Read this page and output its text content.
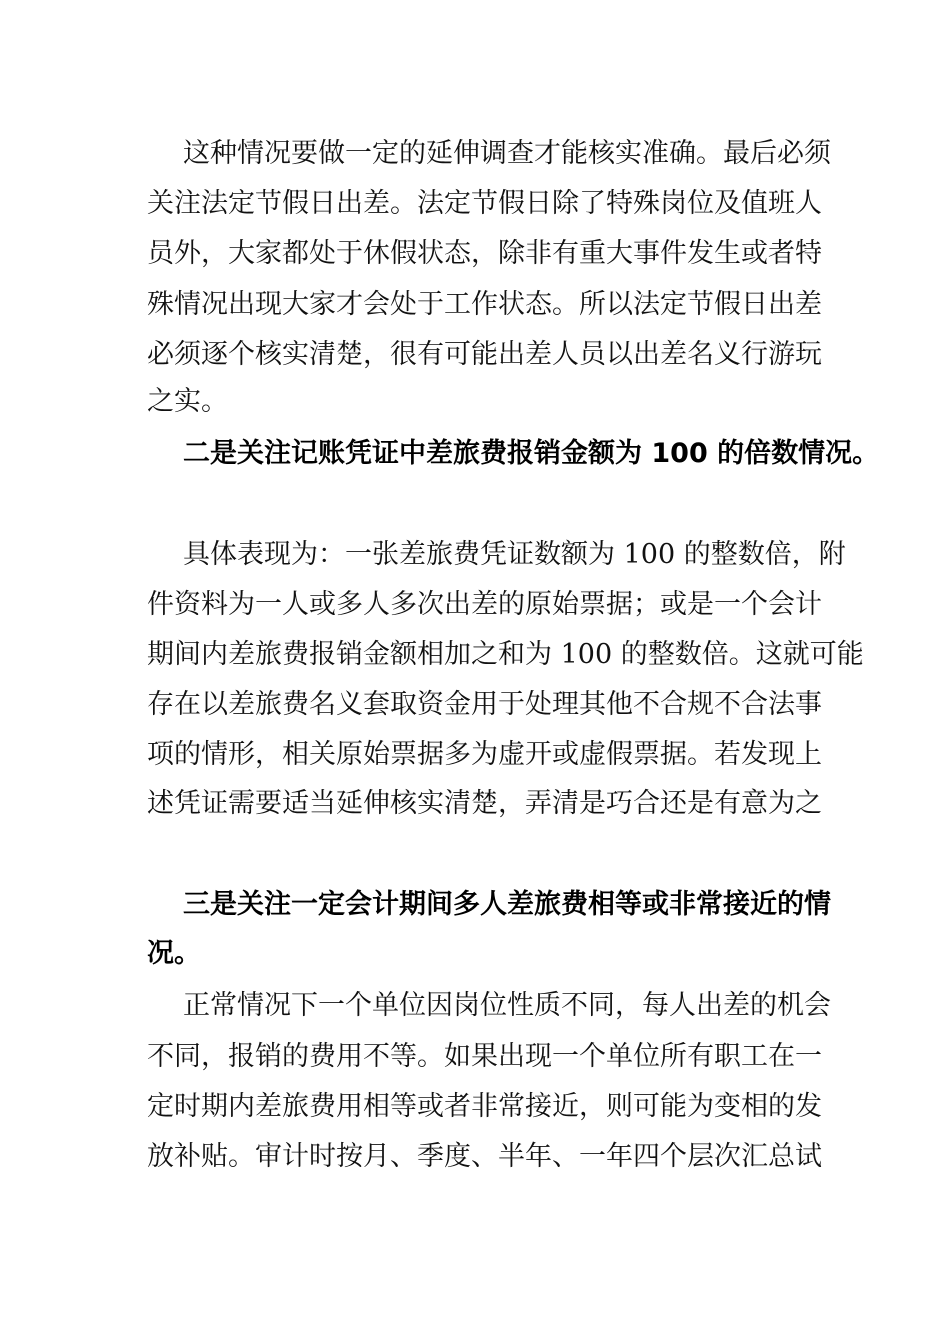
这种情况要做一定的延伸调查才能核实准确。最后必须
关注法定节假日出差。法定节假日除了特殊岗位及值班人
员外，大家都处于休假状态，除非有重大事件发生或者特
殊情况出现大家才会处于工作状态。所以法定节假日出差
必须逐个核实清楚，很有可能出差人员以出差名义行游玩
之实。
二是关注记账凭证中差旅费报销金额为 100 的倍数情况。
具体表现为：一张差旅费凭证数额为 100 的整数倍，附
件资料为一人或多人多次出差的原始票据；或是一个会计
期间内差旅费报销金额相加之和为 100 的整数倍。这就可能
存在以差旅费名义套取资金用于处理其他不合规不合法事
项的情形，相关原始票据多为虚开或虚假票据。若发现上
述凭证需要适当延伸核实清楚，弄清是巧合还是有意为之
三是关注一定会计期间多人差旅费相等或非常接近的情
况。
正常情况下一个单位因岗位性质不同，每人出差的机会
不同，报销的费用不等。如果出现一个单位所有职工在一
定时期内差旅费用相等或者非常接近，则可能为变相的发
放补贴。审计时按月、季度、半年、一年四个层次汇总试
